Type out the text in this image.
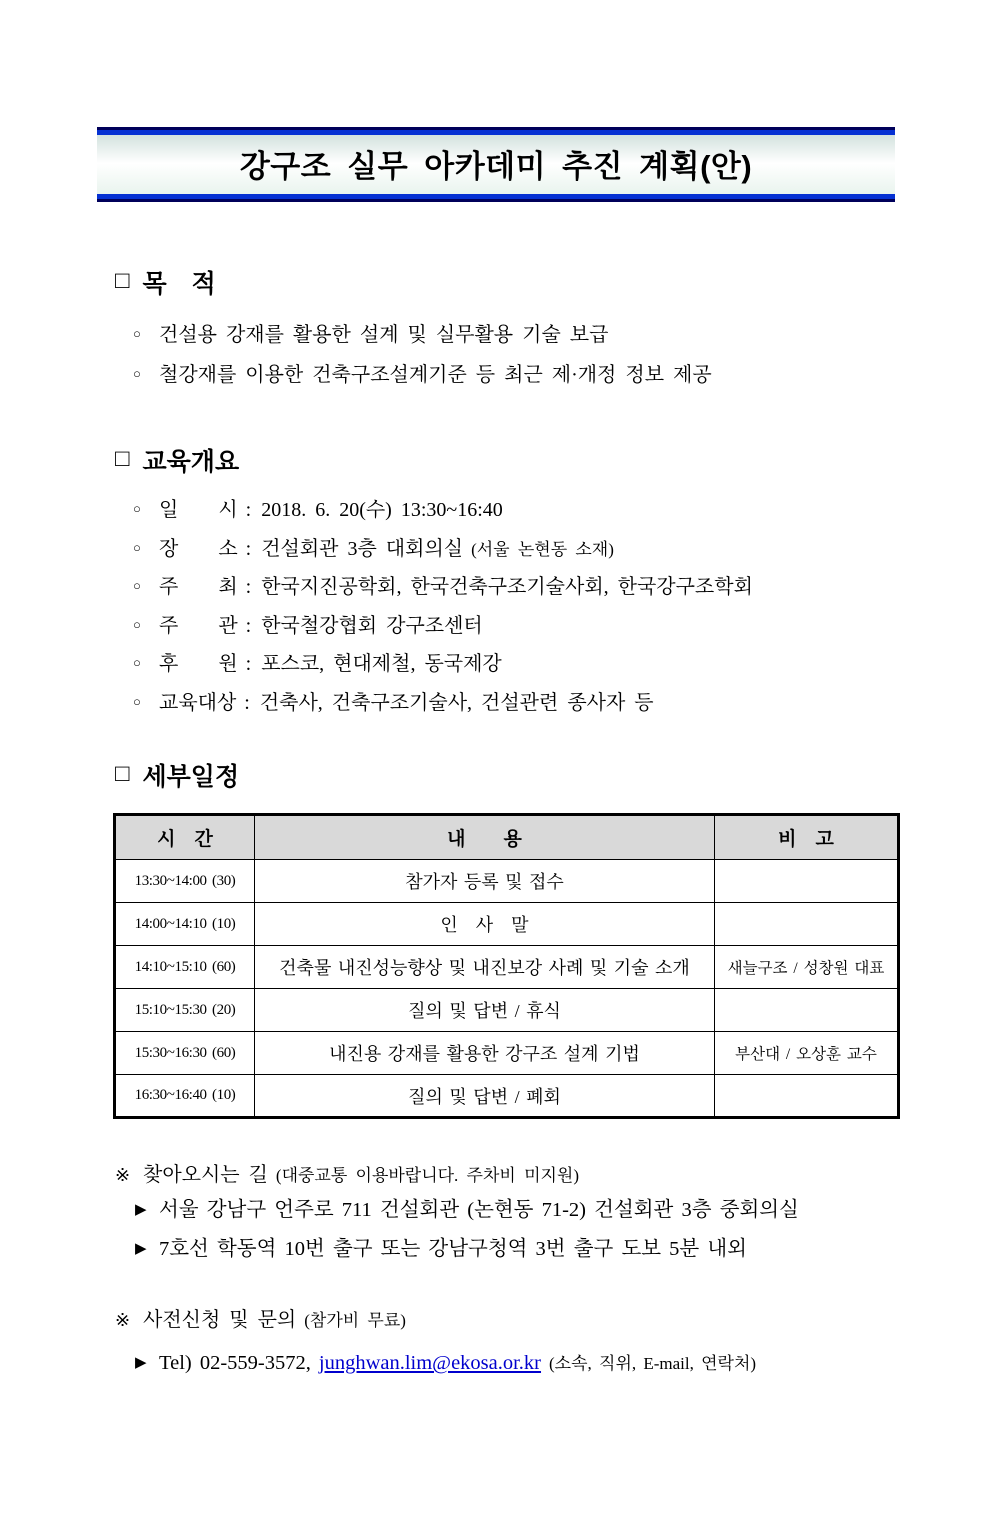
강구조 실무 아카데미 추진 계획(안)
□ 목　적
○ 건설용 강재를 활용한 설계 및 실무활용 기술 보급
○ 철강재를 이용한 건축구조설계기준 등 최근 제·개정 정보 제공
□ 교육개요
○ 일　　시 : 2018. 6. 20(수) 13:30~16:40
○ 장　　소 : 건설회관 3층 대회의실 (서울 논현동 소재)
○ 주　　최 : 한국지진공학회, 한국건축구조기술사회, 한국강구조학회
○ 주　　관 : 한국철강협회 강구조센터
○ 후　　원 : 포스코, 현대제철, 동국제강
○ 교육대상 : 건축사, 건축구조기술사, 건설관련 종사자 등
□ 세부일정
시　간	내　　용	비　고
13:30~14:00 (30)	참가자 등록 및 접수	
14:00~14:10 (10)	인　사　말	
14:10~15:10 (60)	건축물 내진성능향상 및 내진보강 사례 및 기술 소개	새늘구조 / 성창원 대표
15:10~15:30 (20)	질의 및 답변 / 휴식	
15:30~16:30 (60)	내진용 강재를 활용한 강구조 설계 기법	부산대 / 오상훈 교수
16:30~16:40 (10)	질의 및 답변 / 폐회	
※ 찾아오시는 길 (대중교통 이용바랍니다. 주차비 미지원)
▶ 서울 강남구 언주로 711 건설회관 (논현동 71-2) 건설회관 3층 중회의실
▶ 7호선 학동역 10번 출구 또는 강남구청역 3번 출구 도보 5분 내외
※ 사전신청 및 문의 (참가비 무료)
▶ Tel) 02-559-3572, junghwan.lim@ekosa.or.kr (소속, 직위, E-mail, 연락처)
